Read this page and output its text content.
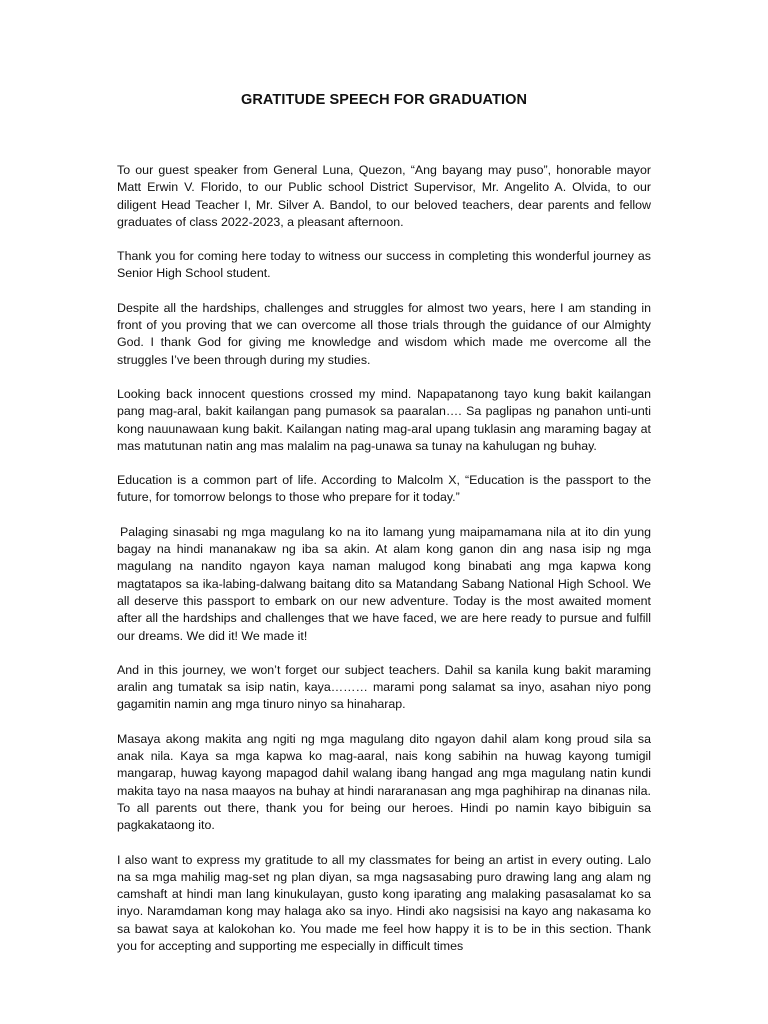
GRATITUDE SPEECH FOR GRADUATION

To our guest speaker from General Luna, Quezon, “Ang bayang may puso”, honorable mayor Matt Erwin V. Florido, to our Public school District Supervisor, Mr. Angelito A. Olvida, to our diligent Head Teacher I, Mr. Silver A. Bandol, to our beloved teachers, dear parents and fellow graduates of class 2022-2023, a pleasant afternoon.

Thank you for coming here today to witness our success in completing this wonderful journey as Senior High School student.

Despite all the hardships, challenges and struggles for almost two years, here I am standing in front of you proving that we can overcome all those trials through the guidance of our Almighty God. I thank God for giving me knowledge and wisdom which made me overcome all the struggles I’ve been through during my studies.

Looking back innocent questions crossed my mind. Napapatanong tayo kung bakit kailangan pang mag-aral, bakit kailangan pang pumasok sa paaralan…. Sa paglipas ng panahon unti-unti kong nauunawaan kung bakit. Kailangan nating mag-aral upang tuklasin ang maraming bagay at mas matutunan natin ang mas malalim na pag-unawa sa tunay na kahulugan ng buhay.

Education is a common part of life. According to Malcolm X, “Education is the passport to the future, for tomorrow belongs to those who prepare for it today.”

Palaging sinasabi ng mga magulang ko na ito lamang yung maipamamana nila at ito din yung bagay na hindi mananakaw ng iba sa akin. At alam kong ganon din ang nasa isip ng mga magulang na nandito ngayon kaya naman malugod kong binabati ang mga kapwa kong magtatapos sa ika-labing-dalwang baitang dito sa Matandang Sabang National High School. We all deserve this passport to embark on our new adventure. Today is the most awaited moment after all the hardships and challenges that we have faced, we are here ready to pursue and fulfill our dreams. We did it! We made it!

And in this journey, we won’t forget our subject teachers. Dahil sa kanila kung bakit maraming aralin ang tumatak sa isip natin, kaya……… marami pong salamat sa inyo, asahan niyo pong gagamitin namin ang mga tinuro ninyo sa hinaharap.

Masaya akong makita ang ngiti ng mga magulang dito ngayon dahil alam kong proud sila sa anak nila. Kaya sa mga kapwa ko mag-aaral, nais kong sabihin na huwag kayong tumigil mangarap, huwag kayong mapagod dahil walang ibang hangad ang mga magulang natin kundi makita tayo na nasa maayos na buhay at hindi nararanasan ang mga paghihirap na dinanas nila. To all parents out there, thank you for being our heroes. Hindi po namin kayo bibiguin sa pagkakataong ito.

I also want to express my gratitude to all my classmates for being an artist in every outing. Lalo na sa mga mahilig mag-set ng plan diyan, sa mga nagsasabing puro drawing lang ang alam ng camshaft at hindi man lang kinukulayan, gusto kong iparating ang malaking pasasalamat ko sa inyo. Naramdaman kong may halaga ako sa inyo. Hindi ako nagsisisi na kayo ang nakasama ko sa bawat saya at kalokohan ko. You made me feel how happy it is to be in this section. Thank you for accepting and supporting me especially in difficult times
